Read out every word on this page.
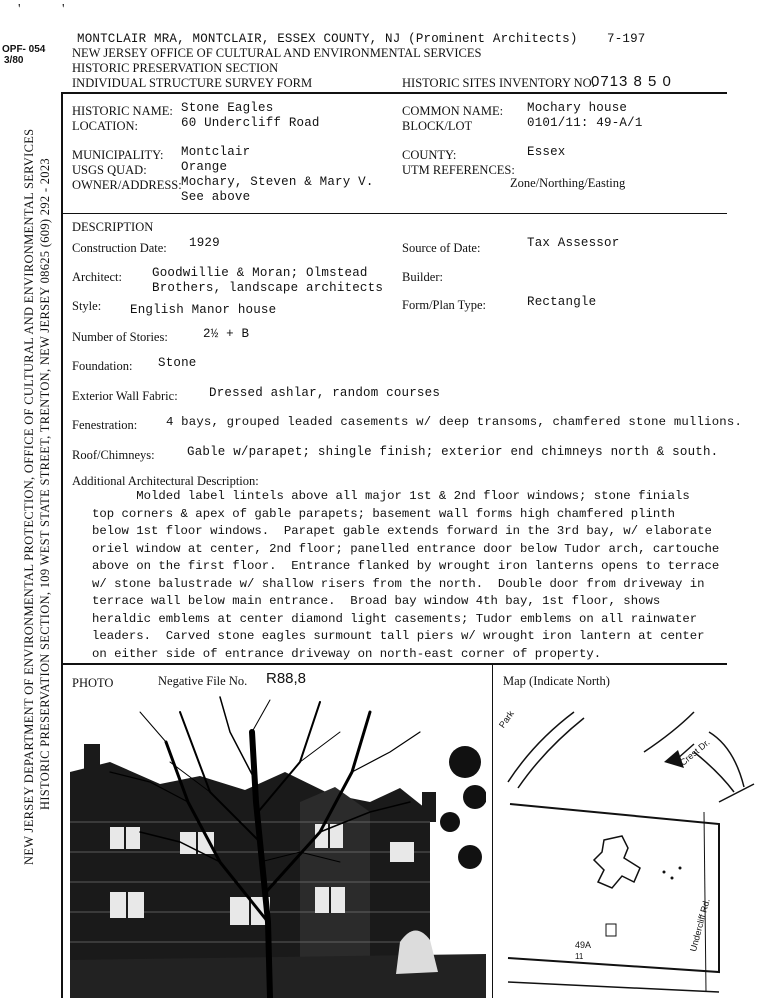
'	'
MONTCLAIR MRA, MONTCLAIR, ESSEX COUNTY, NJ (Prominent Architects) 7-197
OPF- 054
3/80
NEW JERSEY OFFICE OF CULTURAL AND ENVIRONMENTAL SERVICES
HISTORIC PRESERVATION SECTION
INDIVIDUAL STRUCTURE SURVEY FORM	HISTORIC SITES INVENTORY NO.
0713 8 5 0
NEW JERSEY DEPARTMENT OF ENVIRONMENTAL PROTECTION, OFFICE OF CULTURAL AND ENVIRONMENTAL SERVICES HISTORIC PRESERVATION SECTION, 109 WEST STATE STREET, TRENTON, NEW JERSEY 08625 (609) 292 - 2023
HISTORIC NAME: Stone Eagles
LOCATION:	60 Undercliff Road
COMMON NAME: Mochary house
BLOCK/LOT	0101/11: 49-A/1
MUNICIPALITY: Montclair
USGS QUAD:	Orange
OWNER/ADDRESS: Mochary, Steven & Mary V.
See above
COUNTY:	Essex
UTM REFERENCES:
Zone/Northing/Easting
DESCRIPTION
Construction Date: 1929	Source of Date:	Tax Assessor
Architect: Goodwillie & Moran; Olmstead
Brothers, landscape architects
Builder:
Style: English Manor house	Form/Plan Type:	Rectangle
Number of Stories:	2½ + B
Foundation: Stone
Exterior Wall Fabric:	Dressed ashlar, random courses
Fenestration: 4 bays, grouped leaded casements w/ deep transoms, chamfered stone mullions.
Roof/Chimneys:	Gable w/parapet; shingle finish; exterior end chimneys north & south.
Additional Architectural Description:

Molded label lintels above all major 1st & 2nd floor windows; stone finials

top corners & apex of gable parapets; basement wall forms high chamfered plinth

below 1st floor windows.  Parapet gable extends forward in the 3rd bay, w/ elaborate

oriel window at center, 2nd floor; panelled entrance door below Tudor arch, cartouche

above on the first floor.  Entrance flanked by wrought iron lanterns opens to terrace

w/ stone balustrade w/ shallow risers from the north.  Double door from driveway in

terrace wall below main entrance.  Broad bay window 4th bay, 1st floor, shows

heraldic emblems at center diamond light casements; Tudor emblems on all rainwater

leaders.  Carved stone eagles surmount tall piers w/ wrought iron lantern at center

on either side of entrance driveway on north-east corner of property.

PHOTO	Negative File No. R88,8	Map (Indicate North)
Park
Crest Dr.
Undercliff Rd.
49A
11
